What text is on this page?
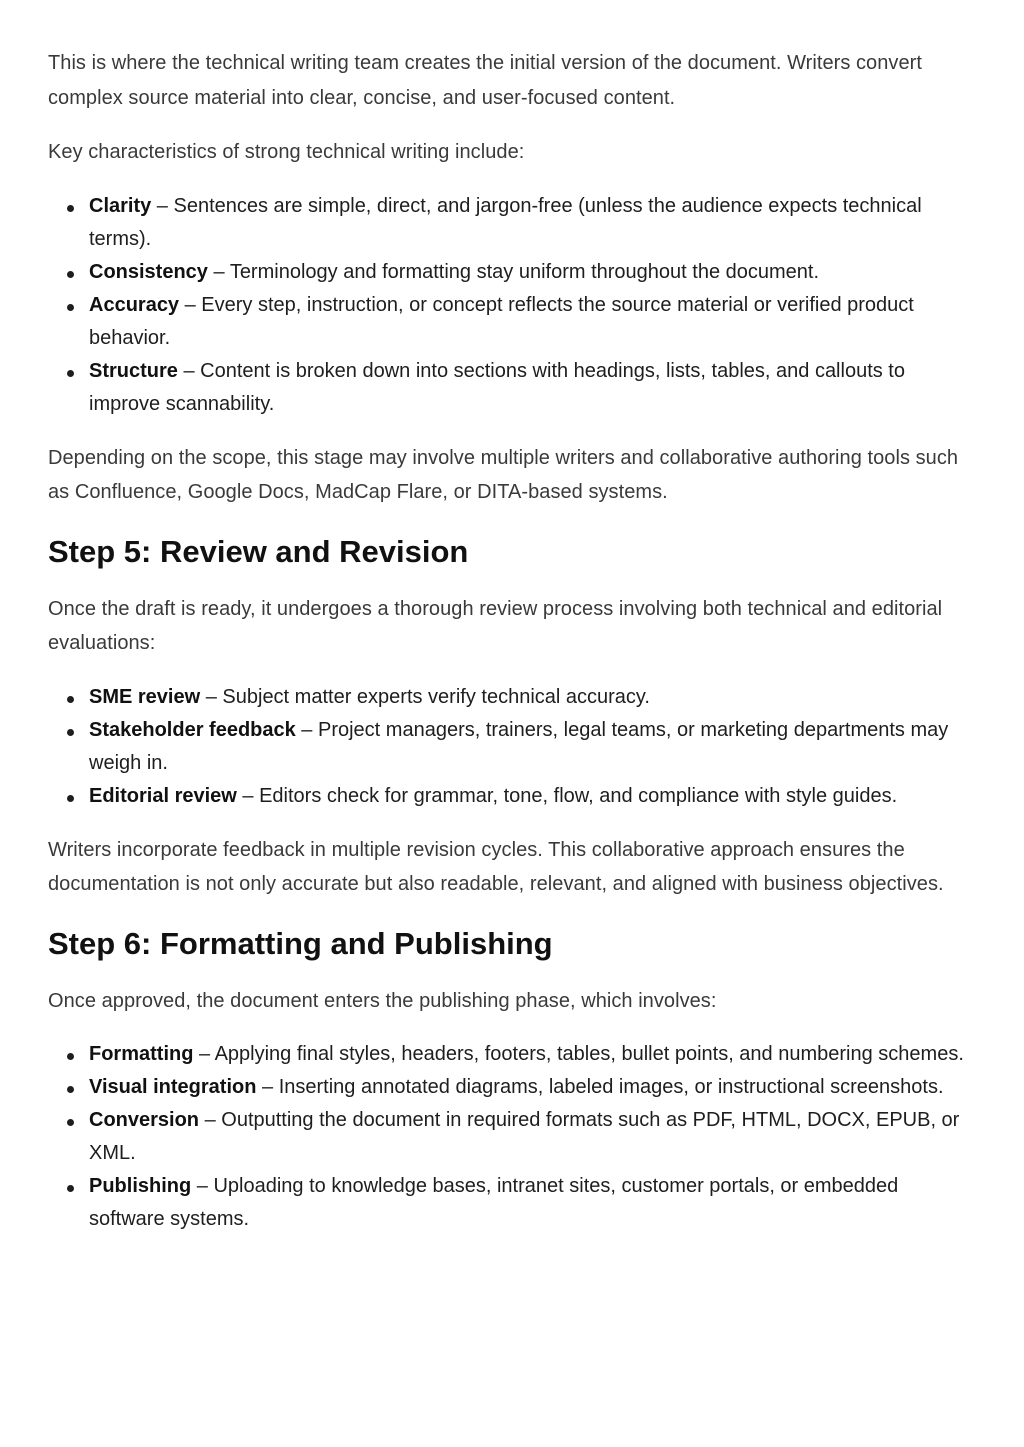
This is where the technical writing team creates the initial version of the document. Writers convert complex source material into clear, concise, and user-focused content.

Key characteristics of strong technical writing include:

Clarity – Sentences are simple, direct, and jargon-free (unless the audience expects technical terms).
Consistency – Terminology and formatting stay uniform throughout the document.
Accuracy – Every step, instruction, or concept reflects the source material or verified product behavior.
Structure – Content is broken down into sections with headings, lists, tables, and callouts to improve scannability.

Depending on the scope, this stage may involve multiple writers and collaborative authoring tools such as Confluence, Google Docs, MadCap Flare, or DITA-based systems.

Step 5: Review and Revision

Once the draft is ready, it undergoes a thorough review process involving both technical and editorial evaluations:

SME review – Subject matter experts verify technical accuracy.
Stakeholder feedback – Project managers, trainers, legal teams, or marketing departments may weigh in.
Editorial review – Editors check for grammar, tone, flow, and compliance with style guides.

Writers incorporate feedback in multiple revision cycles. This collaborative approach ensures the documentation is not only accurate but also readable, relevant, and aligned with business objectives.

Step 6: Formatting and Publishing

Once approved, the document enters the publishing phase, which involves:

Formatting – Applying final styles, headers, footers, tables, bullet points, and numbering schemes.
Visual integration – Inserting annotated diagrams, labeled images, or instructional screenshots.
Conversion – Outputting the document in required formats such as PDF, HTML, DOCX, EPUB, or XML.
Publishing – Uploading to knowledge bases, intranet sites, customer portals, or embedded software systems.
